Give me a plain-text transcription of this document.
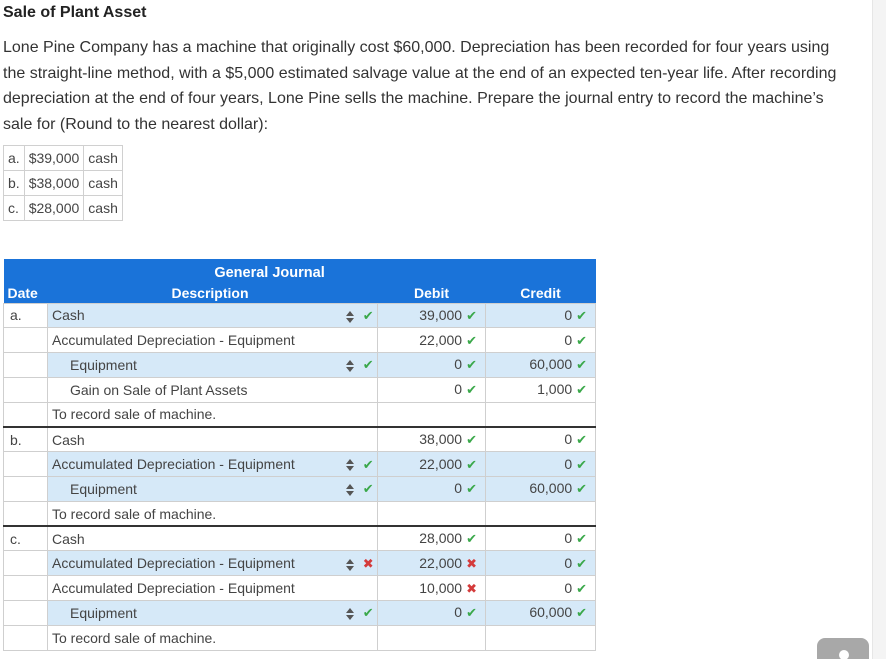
Sale of Plant Asset
Lone Pine Company has a machine that originally cost $60,000. Depreciation has been recorded for four years using the straight-line method, with a $5,000 estimated salvage value at the end of an expected ten-year life. After recording depreciation at the end of four years, Lone Pine sells the machine. Prepare the journal entry to record the machine’s sale for (Round to the nearest dollar):
a.	$39,000	cash
b.	$38,000	cash
c.	$28,000	cash
General Journal					
Date	Description			Debit	Credit
a.	Cash		✔	39,000 ✔	0 ✔
	Accumulated Depreciation - Equipment			22,000 ✔	0 ✔
	Equipment		✔	0 ✔	60,000 ✔
	Gain on Sale of Plant Assets			0 ✔	1,000 ✔
	To record sale of machine.				
b.	Cash			38,000 ✔	0 ✔
	Accumulated Depreciation - Equipment		✔	22,000 ✔	0 ✔
	Equipment		✔	0 ✔	60,000 ✔
	To record sale of machine.				
c.	Cash			28,000 ✔	0 ✔
	Accumulated Depreciation - Equipment		✖	22,000 ✖	0 ✔
	Accumulated Depreciation - Equipment			10,000 ✖	0 ✔
	Equipment		✔	0 ✔	60,000 ✔
	To record sale of machine.				
